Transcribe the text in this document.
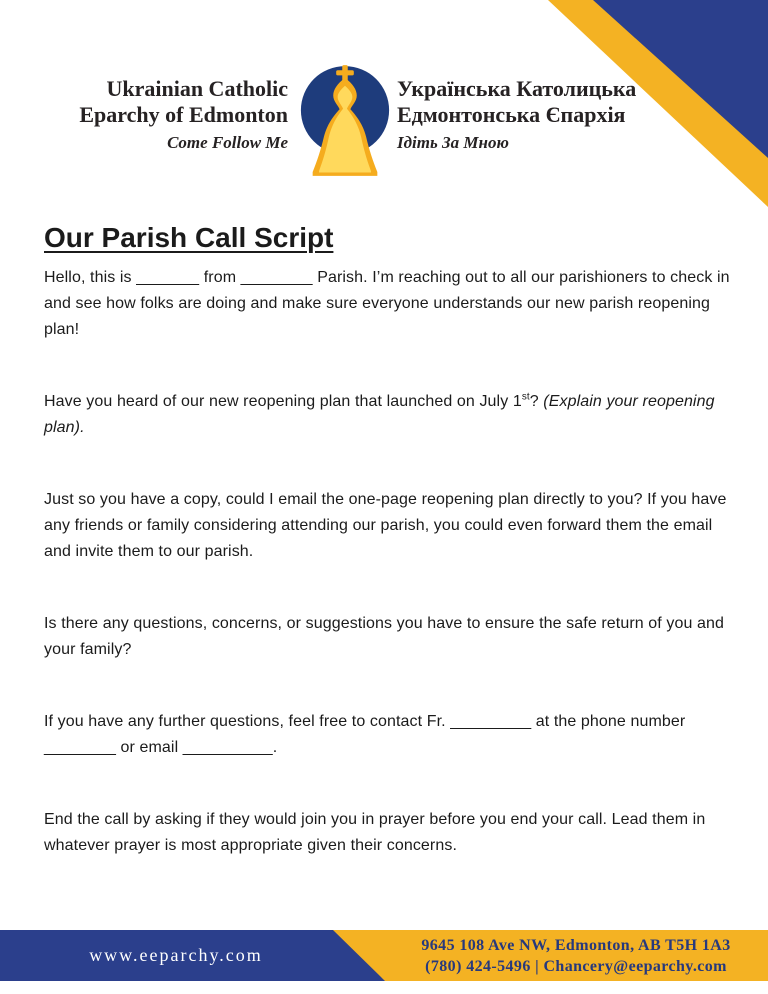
Ukrainian Catholic
Eparchy of Edmonton
Come Follow Me
Українська Католицька
Едмонтонська Єпархія
Ідіть За Мною
Our Parish Call Script

Hello, this is _______ from ________ Parish. I’m reaching out to all our parishioners to check in and see how folks are doing and make sure everyone understands our new parish reopening plan!

Have you heard of our new reopening plan that launched on July 1st? (Explain your reopening plan).

Just so you have a copy, could I email the one-page reopening plan directly to you? If you have any friends or family considering attending our parish, you could even forward them the email and invite them to our parish.

Is there any questions, concerns, or suggestions you have to ensure the safe return of you and your family?

If you have any further questions, feel free to contact Fr. _________ at the phone number ________ or email __________.

End the call by asking if they would join you in prayer before you end your call. Lead them in whatever prayer is most appropriate given their concerns.

www.eeparchy.com	9645 108 Ave NW, Edmonton, AB T5H 1A3
(780) 424-5496 | Chancery@eeparchy.com
